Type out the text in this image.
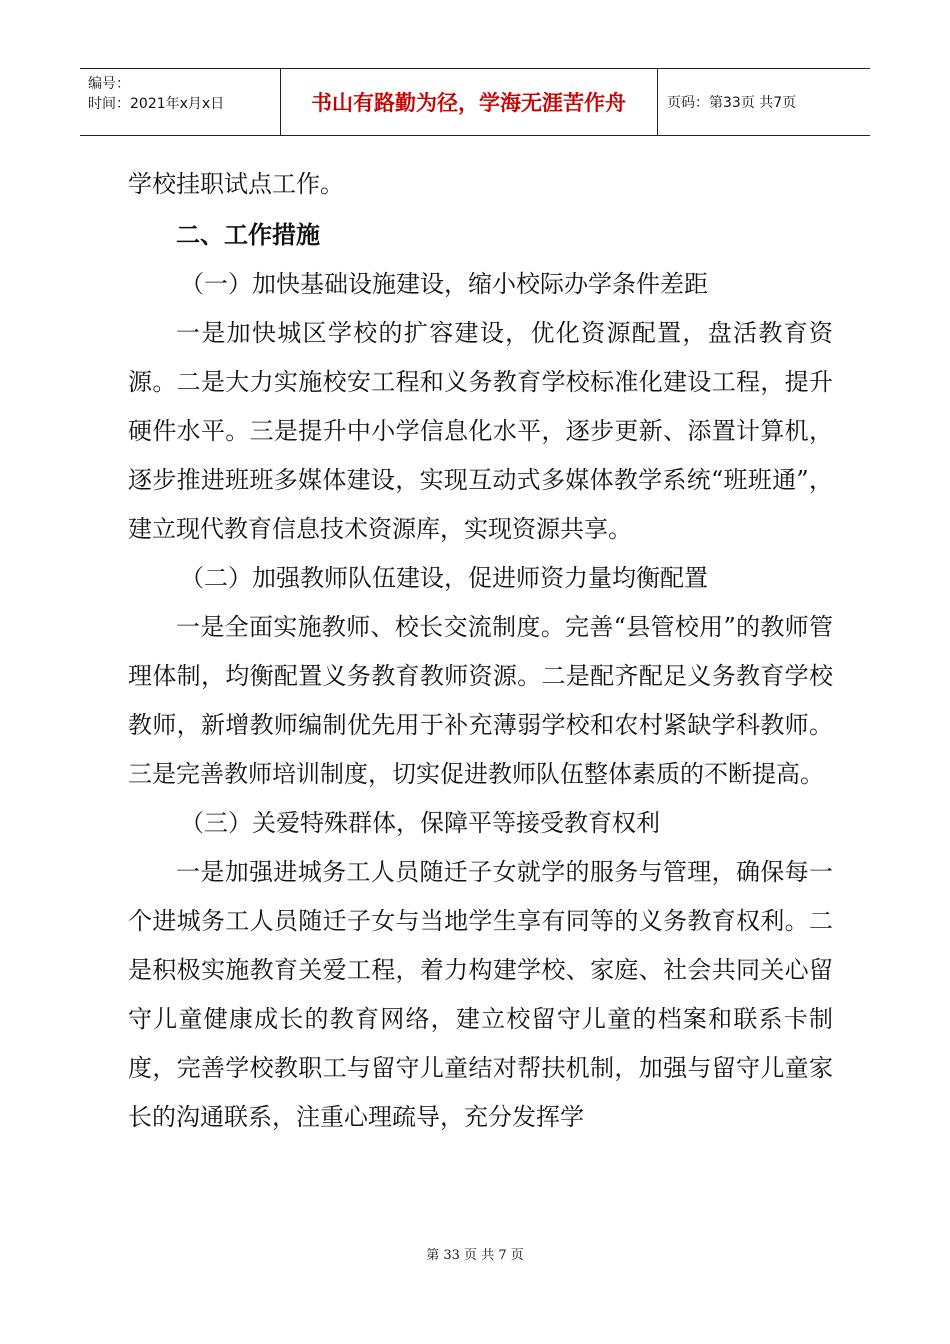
编号：
时间：2021年x月x日	书山有路勤为径，学海无涯苦作舟	页码：第33页 共7页

学校挂职试点工作。

二、工作措施

（一）加快基础设施建设，缩小校际办学条件差距

一是加快城区学校的扩容建设，优化资源配置，盘活教育资源。二是大力实施校安工程和义务教育学校标准化建设工程，提升硬件水平。三是提升中小学信息化水平，逐步更新、添置计算机，逐步推进班班多媒体建设，实现互动式多媒体教学系统“班班通”，建立现代教育信息技术资源库，实现资源共享。

（二）加强教师队伍建设，促进师资力量均衡配置

一是全面实施教师、校长交流制度。完善“县管校用”的教师管理体制，均衡配置义务教育教师资源。二是配齐配足义务教育学校教师，新增教师编制优先用于补充薄弱学校和农村紧缺学科教师。三是完善教师培训制度，切实促进教师队伍整体素质的不断提高。

（三）关爱特殊群体，保障平等接受教育权利

一是加强进城务工人员随迁子女就学的服务与管理，确保每一个进城务工人员随迁子女与当地学生享有同等的义务教育权利。二是积极实施教育关爱工程，着力构建学校、家庭、社会共同关心留守儿童健康成长的教育网络，建立校留守儿童的档案和联系卡制度，完善学校教职工与留守儿童结对帮扶机制，加强与留守儿童家长的沟通联系，注重心理疏导，充分发挥学

第 33 页 共 7 页
